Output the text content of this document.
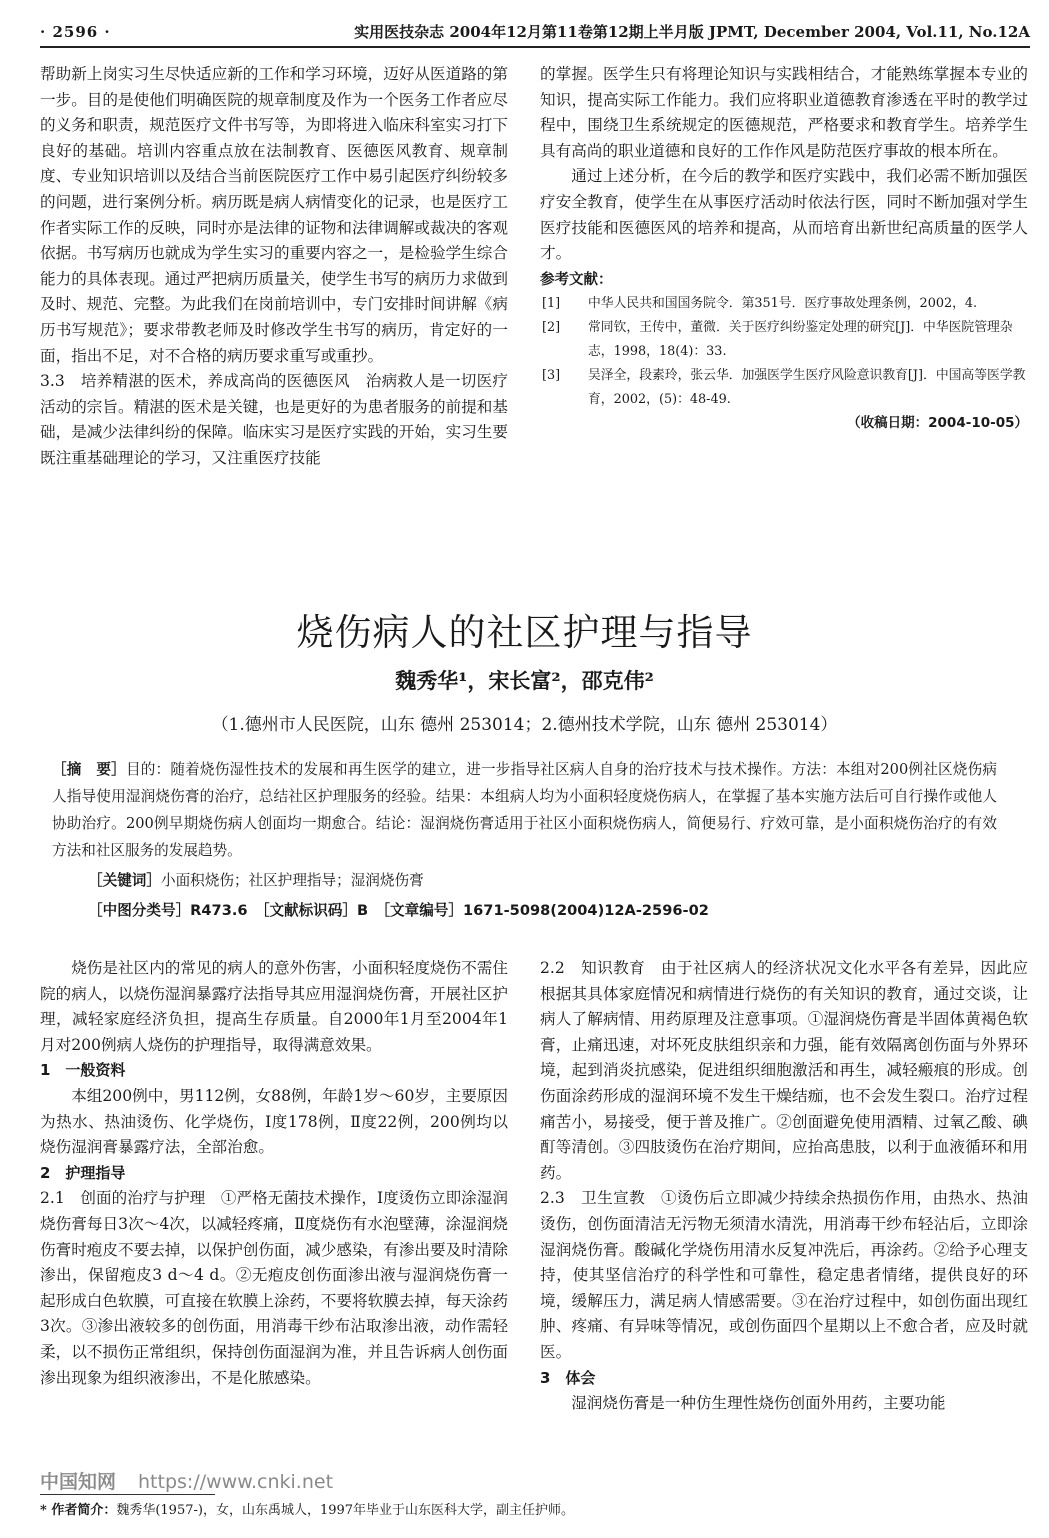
· 2596 ·	实用医技杂志 2004年12月第11卷第12期上半月版 JPMT, December 2004, Vol.11, No.12A

帮助新上岗实习生尽快适应新的工作和学习环境，迈好从医道路的第一步。目的是使他们明确医院的规章制度及作为一个医务工作者应尽的义务和职责，规范医疗文件书写等，为即将进入临床科室实习打下良好的基础。培训内容重点放在法制教育、医德医风教育、规章制度、专业知识培训以及结合当前医院医疗工作中易引起医疗纠纷较多的问题，进行案例分析。病历既是病人病情变化的记录，也是医疗工作者实际工作的反映，同时亦是法律的证物和法律调解或裁决的客观依据。书写病历也就成为学生实习的重要内容之一，是检验学生综合能力的具体表现。通过严把病历质量关，使学生书写的病历力求做到及时、规范、完整。为此我们在岗前培训中，专门安排时间讲解《病历书写规范》；要求带教老师及时修改学生书写的病历，肯定好的一面，指出不足，对不合格的病历要求重写或重抄。

3.3　培养精湛的医术，养成高尚的医德医风　治病救人是一切医疗活动的宗旨。精湛的医术是关键，也是更好的为患者服务的前提和基础，是减少法律纠纷的保障。临床实习是医疗实践的开始，实习生要既注重基础理论的学习，又注重医疗技能

的掌握。医学生只有将理论知识与实践相结合，才能熟练掌握本专业的知识，提高实际工作能力。我们应将职业道德教育渗透在平时的教学过程中，围绕卫生系统规定的医德规范，严格要求和教育学生。培养学生具有高尚的职业道德和良好的工作作风是防范医疗事故的根本所在。

通过上述分析，在今后的教学和医疗实践中，我们必需不断加强医疗安全教育，使学生在从事医疗活动时依法行医，同时不断加强对学生医疗技能和医德医风的培养和提高，从而培育出新世纪高质量的医学人才。

参考文献：

[1] 中华人民共和国国务院令．第351号．医疗事故处理条例，2002，4.
[2] 常同钦，王传中，董微．关于医疗纠纷鉴定处理的研究[J]．中华医院管理杂志，1998，18(4)：33.
[3] 吴泽全，段素玲，张云华．加强医学生医疗风险意识教育[J]．中国高等医学教育，2002，(5)：48-49.

（收稿日期：2004-10-05）

烧伤病人的社区护理与指导
魏秀华¹，宋长富²，邵克伟²
（1.德州市人民医院，山东 德州 253014；2.德州技术学院，山东 德州 253014）
［摘　要］目的：随着烧伤湿性技术的发展和再生医学的建立，进一步指导社区病人自身的治疗技术与技术操作。方法：本组对200例社区烧伤病人指导使用湿润烧伤膏的治疗，总结社区护理服务的经验。结果：本组病人均为小面积轻度烧伤病人，在掌握了基本实施方法后可自行操作或他人协助治疗。200例早期烧伤病人创面均一期愈合。结论：湿润烧伤膏适用于社区小面积烧伤病人，简便易行、疗效可靠，是小面积烧伤治疗的有效方法和社区服务的发展趋势。
［关键词］小面积烧伤；社区护理指导；湿润烧伤膏
［中图分类号］R473.6　［文献标识码］B　［文章编号］1671-5098(2004)12A-2596-02

烧伤是社区内的常见的病人的意外伤害，小面积轻度烧伤不需住院的病人，以烧伤湿润暴露疗法指导其应用湿润烧伤膏，开展社区护理，减轻家庭经济负担，提高生存质量。自2000年1月至2004年1月对200例病人烧伤的护理指导，取得满意效果。

1　一般资料

本组200例中，男112例，女88例，年龄1岁～60岁，主要原因为热水、热油烫伤、化学烧伤，Ⅰ度178例，Ⅱ度22例，200例均以烧伤湿润膏暴露疗法，全部治愈。

2　护理指导

2.1　创面的治疗与护理　①严格无菌技术操作，Ⅰ度烫伤立即涂湿润烧伤膏每日3次～4次，以减轻疼痛，Ⅱ度烧伤有水泡壁薄，涂湿润烧伤膏时疱皮不要去掉，以保护创伤面，减少感染，有渗出要及时清除渗出，保留疱皮3 d～4 d。②无疱皮创伤面渗出液与湿润烧伤膏一起形成白色软膜，可直接在软膜上涂药，不要将软膜去掉，每天涂药3次。③渗出液较多的创伤面，用消毒干纱布沾取渗出液，动作需轻柔，以不损伤正常组织，保持创伤面湿润为准，并且告诉病人创伤面渗出现象为组织液渗出，不是化脓感染。

2.2　知识教育　由于社区病人的经济状况文化水平各有差异，因此应根据其具体家庭情况和病情进行烧伤的有关知识的教育，通过交谈，让病人了解病情、用药原理及注意事项。①湿润烧伤膏是半固体黄褐色软膏，止痛迅速，对坏死皮肤组织亲和力强，能有效隔离创伤面与外界环境，起到消炎抗感染，促进组织细胞激活和再生，减轻瘢痕的形成。创伤面涂药形成的湿润环境不发生干燥结痂，也不会发生裂口。治疗过程痛苦小，易接受，便于普及推广。②创面避免使用酒精、过氧乙酸、碘酊等清创。③四肢烫伤在治疗期间，应抬高患肢，以利于血液循环和用药。

2.3　卫生宣教　①烫伤后立即减少持续余热损伤作用，由热水、热油烫伤，创伤面清洁无污物无须清水清洗，用消毒干纱布轻沾后，立即涂湿润烧伤膏。酸碱化学烧伤用清水反复冲洗后，再涂药。②给予心理支持，使其坚信治疗的科学性和可靠性，稳定患者情绪，提供良好的环境，缓解压力，满足病人情感需要。③在治疗过程中，如创伤面出现红肿、疼痛、有异味等情况，或创伤面四个星期以上不愈合者，应及时就医。

3　体会

湿润烧伤膏是一种仿生理性烧伤创面外用药，主要功能

中国知网 https://www.cnki.net
* 作者简介：魏秀华(1957-)，女，山东禹城人，1997年毕业于山东医科大学，副主任护师。
